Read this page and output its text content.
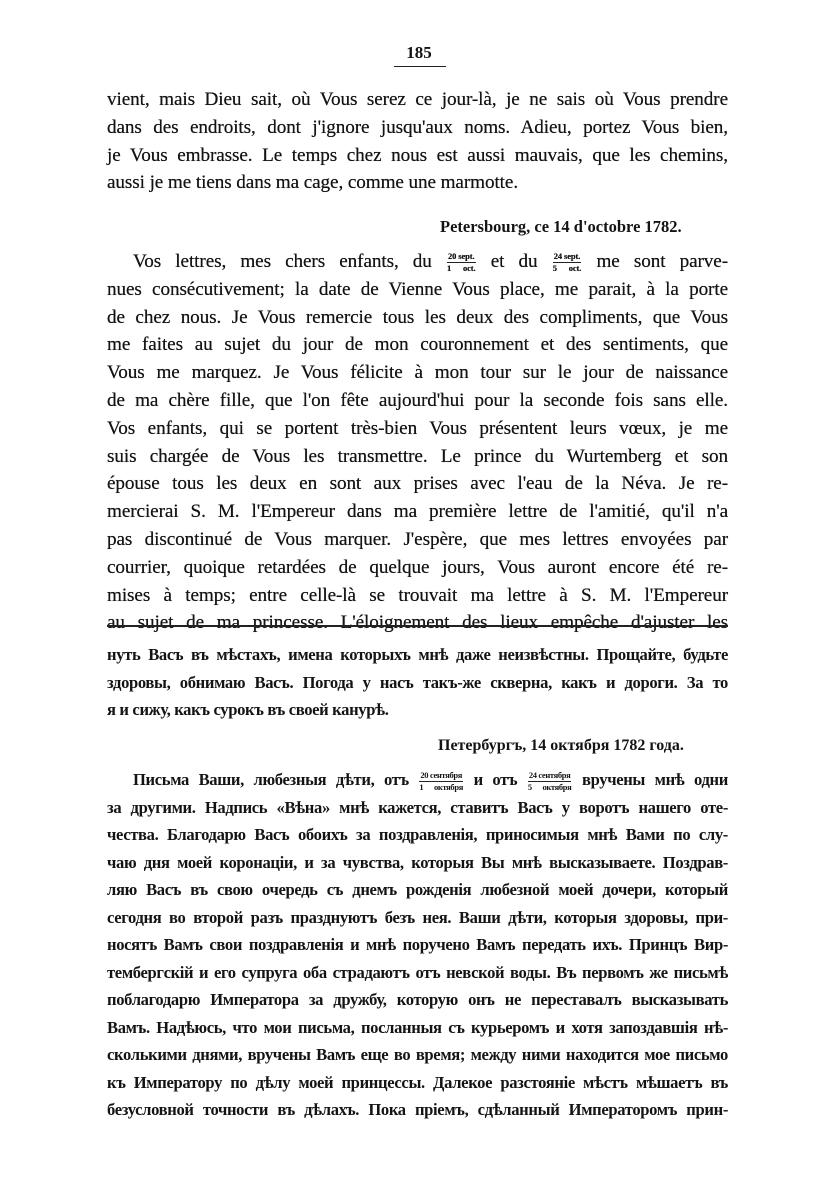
185
vient, mais Dieu sait, où Vous serez ce jour-là, je ne sais où Vous prendre
dans des endroits, dont j'ignore jusqu'aux noms. Adieu, portez Vous bien,
je Vous embrasse. Le temps chez nous est aussi mauvais, que les chemins,
aussi je me tiens dans ma cage, comme une marmotte.
Vos lettres, mes chers enfants, du $\frac{\text{20 sept.}}{\text{1 oct.}}$ et du $\frac{\text{24 sept.}}{\text{5 oct.}}$ me sont parve-
nues consécutivement; la date de Vienne Vous place, me parait, à la porte
de chez nous. Je Vous remercie tous les deux des compliments, que Vous
me faites au sujet du jour de mon couronnement et des sentiments, que
Vous me marquez. Je Vous félicite à mon tour sur le jour de naissance
de ma chère fille, que l'on fête aujourd'hui pour la seconde fois sans elle.
Vos enfants, qui se portent très-bien Vous présentent leurs vœux, je me
suis chargée de Vous les transmettre. Le prince du Wurtemberg et son
épouse tous les deux en sont aux prises avec l'eau de la Néva. Je re-
mercierai S. M. l'Empereur dans ma première lettre de l'amitié, qu'il n'a
pas discontinué de Vous marquer. J'espère, que mes lettres envoyées par
courrier, quoique retardées de quelque jours, Vous auront encore été re-
mises à temps; entre celle-là se trouvait ma lettre à S. M. l'Empereur
au sujet de ma princesse. L'éloignement des lieux empêche d'ajuster les
Petersbourg, ce 14 d'octobre 1782.
нуть Васъ въ мѣстахъ, имена которыхъ мнѣ даже неизвѣстны. Прощайте, будьте
здоровы, обнимаю Васъ. Погода у насъ такъ-же скверна, какъ и дороги. За то
я и сижу, какъ сурокъ въ своей канурѣ.
Письма Ваши, любезныя дѣти, отъ $\frac{\text{20 сентября}}{\text{1 октября}}$ и отъ $\frac{\text{24 сентября}}{\text{5 октября}}$ вручены мнѣ одни
за другими. Надпись «Вѣна» мнѣ кажется, ставитъ Васъ у воротъ нашего оте-
чества. Благодарю Васъ обоихъ за поздравленія, приносимыя мнѣ Вами по слу-
чаю дня моей коронаціи, и за чувства, которыя Вы мнѣ высказываете. Поздрав-
ляю Васъ въ свою очередь съ днемъ рожденія любезной моей дочери, который
сегодня во второй разъ празднуютъ безъ нея. Ваши дѣти, которыя здоровы, при-
носятъ Вамъ свои поздравленія и мнѣ поручено Вамъ передать ихъ. Принцъ Вир-
тембергскій и его супруга оба страдаютъ отъ невской воды. Въ первомъ же письмѣ
поблагодарю Императора за дружбу, которую онъ не переставалъ высказывать
Вамъ. Надѣюсь, что мои письма, посланныя съ курьеромъ и хотя запоздавшія нѣ-
сколькими днями, вручены Вамъ еще во время; между ними находится мое письмо
къ Императору по дѣлу моей принцессы. Далекое разстояніе мѣстъ мѣшаетъ въ
безусловной точности въ дѣлахъ. Пока пріемъ, сдѣланный Императоромъ прин-
Петербургъ, 14 октября 1782 года.
